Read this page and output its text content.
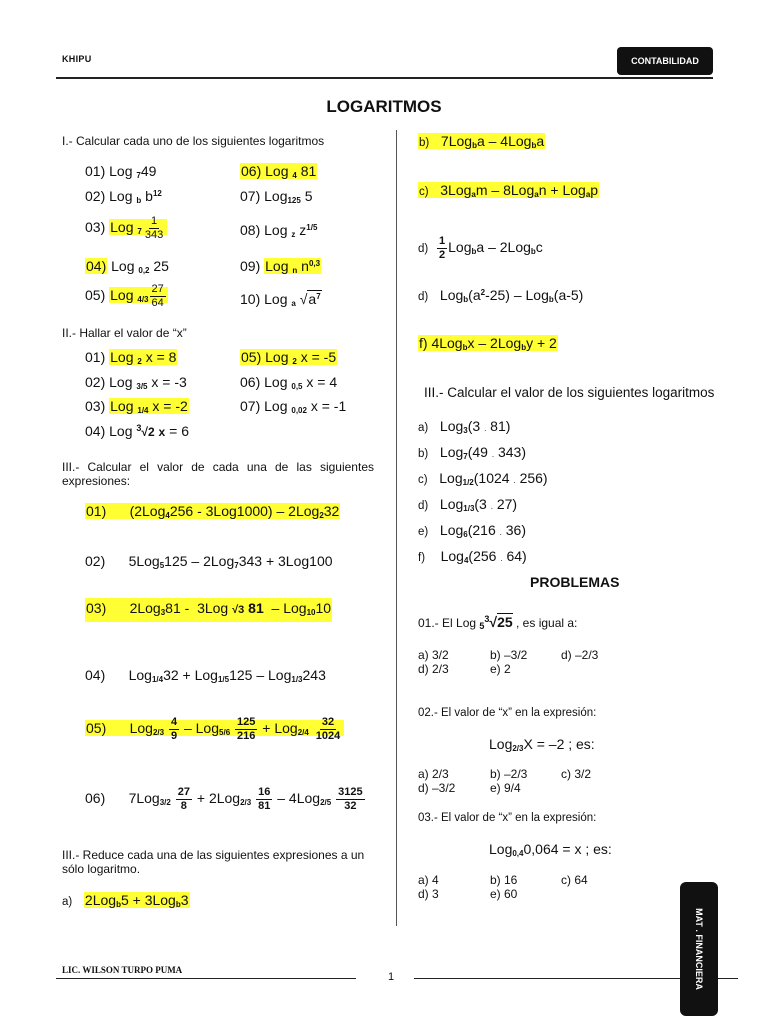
KHIPU	CONTABILIDAD
LOGARITMOS
I.- Calcular cada uno de los siguientes logaritmos
01) Log $_7$49
02) Log $_b$ $b^{12}$
03) Log $_7 \frac{1}{343}$
04) Log $_{0,2}$ 25
05) Log $_{4/3} \frac{27}{64}$
06) Log $_4$ 81
07) Log$_{125}$ 5
08) Log $_z$ $z^{1/5}$
09) Log $_n$ $n^{0,3}$
10) Log $_a$ √ $a^7$
II.- Hallar el valor de “x”
01) Log $_2$ x = 8
02) Log $_{3/5}$ x = -3
03) Log $_{1/4}$ x = -2
04) Log $^3$√2 x = 6
05) Log $_2$ x = -5
06) Log $_{0,5}$ x = 4
07) Log $_{0,02}$ x = -1
III.- Calcular el valor de cada una de las siguientes expresiones:
01)      (2Log$_4$256 - 3Log1000) – 2Log$_2$32
02)      5Log$_5$125 – 2Log$_7$343 + 3Log100
03)      2Log$_3$81 -  3Log √3 81  – Log$_{10}$10
04)      Log$_{1/4}$32 + Log$_{1/5}$125 – Log$_{1/3}$243
05)      $Log_{2/3} \frac{4}{9} - Log_{5/6} \frac{125}{216} + Log_{2/4} \frac{32}{1024}$
06)      $7Log_{3/2} \frac{27}{8} + 2Log_{2/3} \frac{16}{81} - 4Log_{2/5} \frac{3125}{32}$
III.- Reduce cada una de las siguientes expresiones a un sólo logaritmo.
a) 2Log$_b$5 + 3Log$_b$3
b)   7Log$_b$a – 4Log$_b$a
c)   3Log$_a$m – 8Log$_a$n + Log$_a$p
$d) \frac{1}{2} Log_ba - 2Log_bc$
d)   $Log_b(a^2-25) - Log_b(a-5)$
f) 4Log$_b$x – 2Log$_b$y + 2
III.- Calcular el valor de los siguientes logaritmos
a)   Log$_3$(3 . 81)
b)   Log$_7$(49 . 343)
c)   Log$_{1/2}$(1024 . 256)
d)   Log$_{1/3}$(3 . 27)
e)   Log$_6$(216 . 36)
f)    Log$_4$(256 . 64)
PROBLEMAS
01.- El Log $_5^3$√25 , es igual a:
a) 3/2	b) –3/2	d) –2/3
d) 2/3	e) 2
02.- El valor de “x” en la expresión:
Log$_{2/3}$X = –2 ; es:
a) 2/3	b) –2/3	c) 3/2
d) –3/2	e) 9/4
03.- El valor de “x” en la expresión:
Log$_{0,4}$0,064 = x ; es:
a) 4	b) 16	c) 64
d) 3	e) 60
LIC. WILSON TURPO PUMA
1	MAT . FINANCIERA
